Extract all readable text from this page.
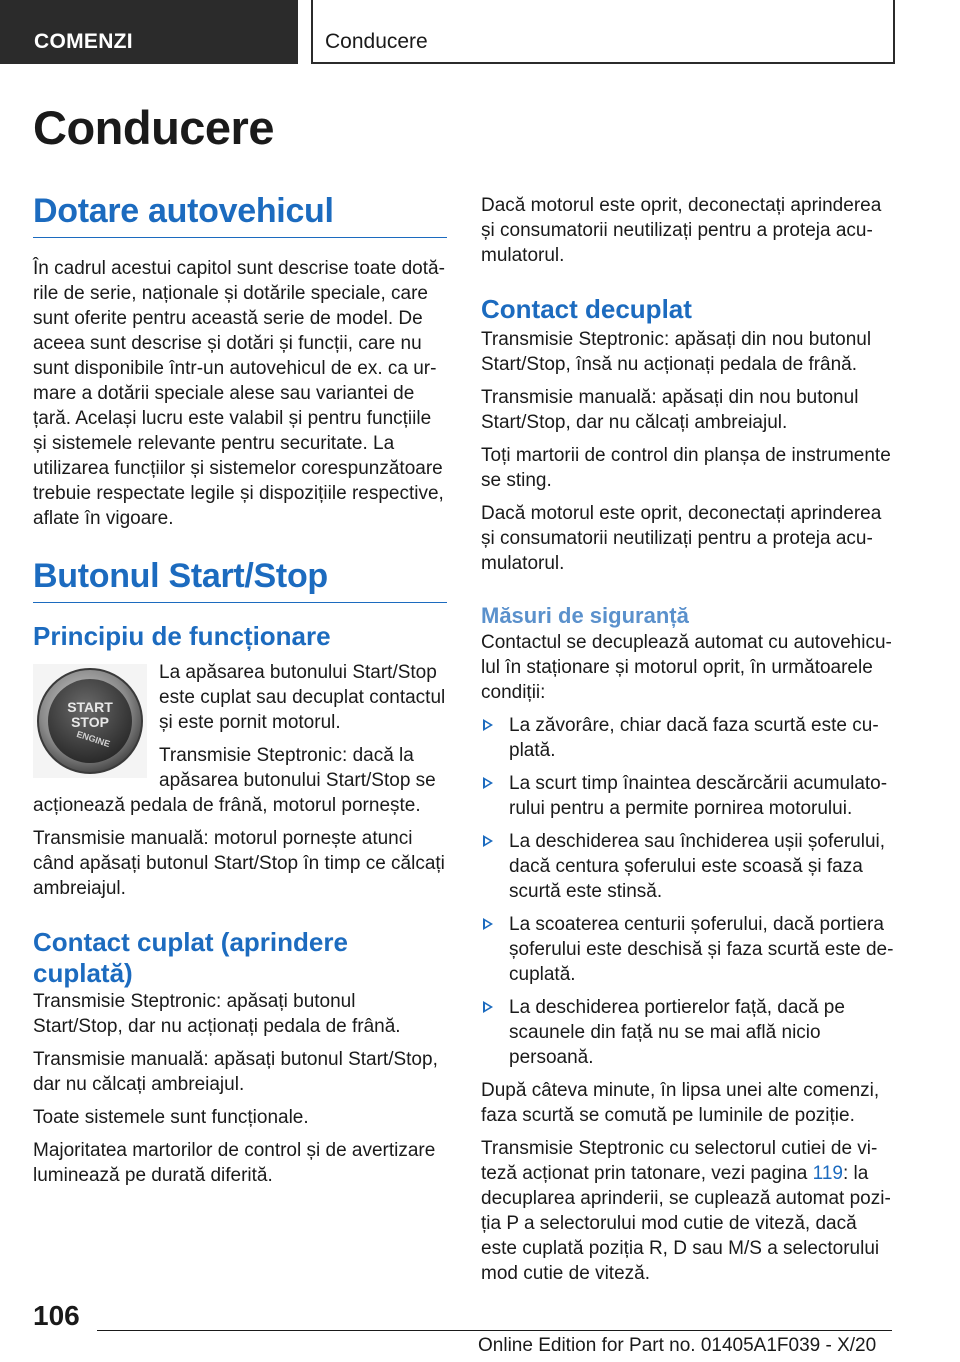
COMENZI	Conducere
Conducere
Dotare autovehicul

În cadrul acestui capitol sunt descrise toate dotările de serie, naționale și dotările speciale, care sunt oferite pentru această serie de model. De aceea sunt descrise și dotări și funcții, care nu sunt disponibile într-un autovehicul de ex. ca urmare a dotării speciale alese sau variantei de țară. Același lucru este valabil și pentru funcțiile și sistemele relevante pentru securitate. La utilizarea funcțiilor și sistemelor corespunzătoare trebuie respectate legile și dispozițiile respective, aflate în vigoare.

Butonul Start/Stop
Principiu de funcționare
START
STOP
ENGINE

La apăsarea butonului Start/Stop este cuplat sau decuplat contactul și este pornit motorul.

Transmisie Steptronic: dacă la apăsarea butonului Start/Stop se acționează pedala de frână, motorul pornește.

Transmisie manuală: motorul pornește atunci când apăsați butonul Start/Stop în timp ce călcați ambreiajul.

Contact cuplat (aprindere cuplată)

Transmisie Steptronic: apăsați butonul Start/Stop, dar nu acționați pedala de frână.

Transmisie manuală: apăsați butonul Start/Stop, dar nu călcați ambreiajul.

Toate sistemele sunt funcționale.

Majoritatea martorilor de control și de avertizare luminează pe durată diferită.

Dacă motorul este oprit, deconectați aprinderea și consumatorii neutilizați pentru a proteja acumulatorul.

Contact decuplat

Transmisie Steptronic: apăsați din nou butonul Start/Stop, însă nu acționați pedala de frână.

Transmisie manuală: apăsați din nou butonul Start/Stop, dar nu călcați ambreiajul.

Toți martorii de control din planșa de instrumente se sting.

Dacă motorul este oprit, deconectați aprinderea și consumatorii neutilizați pentru a proteja acumulatorul.

Măsuri de siguranță

Contactul se decuplează automat cu autovehiculul în staționare și motorul oprit, în următoarele condiții:

La zăvorâre, chiar dacă faza scurtă este cuplată.
La scurt timp înaintea descărcării acumulatorului pentru a permite pornirea motorului.
La deschiderea sau închiderea ușii șoferului, dacă centura șoferului este scoasă și faza scurtă este stinsă.
La scoaterea centurii șoferului, dacă portiera șoferului este deschisă și faza scurtă este decuplată.
La deschiderea portierelor față, dacă pe scaunele din față nu se mai află nicio persoană.

După câteva minute, în lipsa unei alte comenzi, faza scurtă se comută pe luminile de poziție.

Transmisie Steptronic cu selectorul cutiei de viteză acționat prin tatonare, vezi pagina 119: la decuplarea aprinderii, se cuplează automat poziția P a selectorului mod cutie de viteză, dacă este cuplată poziția R, D sau M/S a selectorului mod cutie de viteză.

106
Online Edition for Part no. 01405A1F039 - X/20
